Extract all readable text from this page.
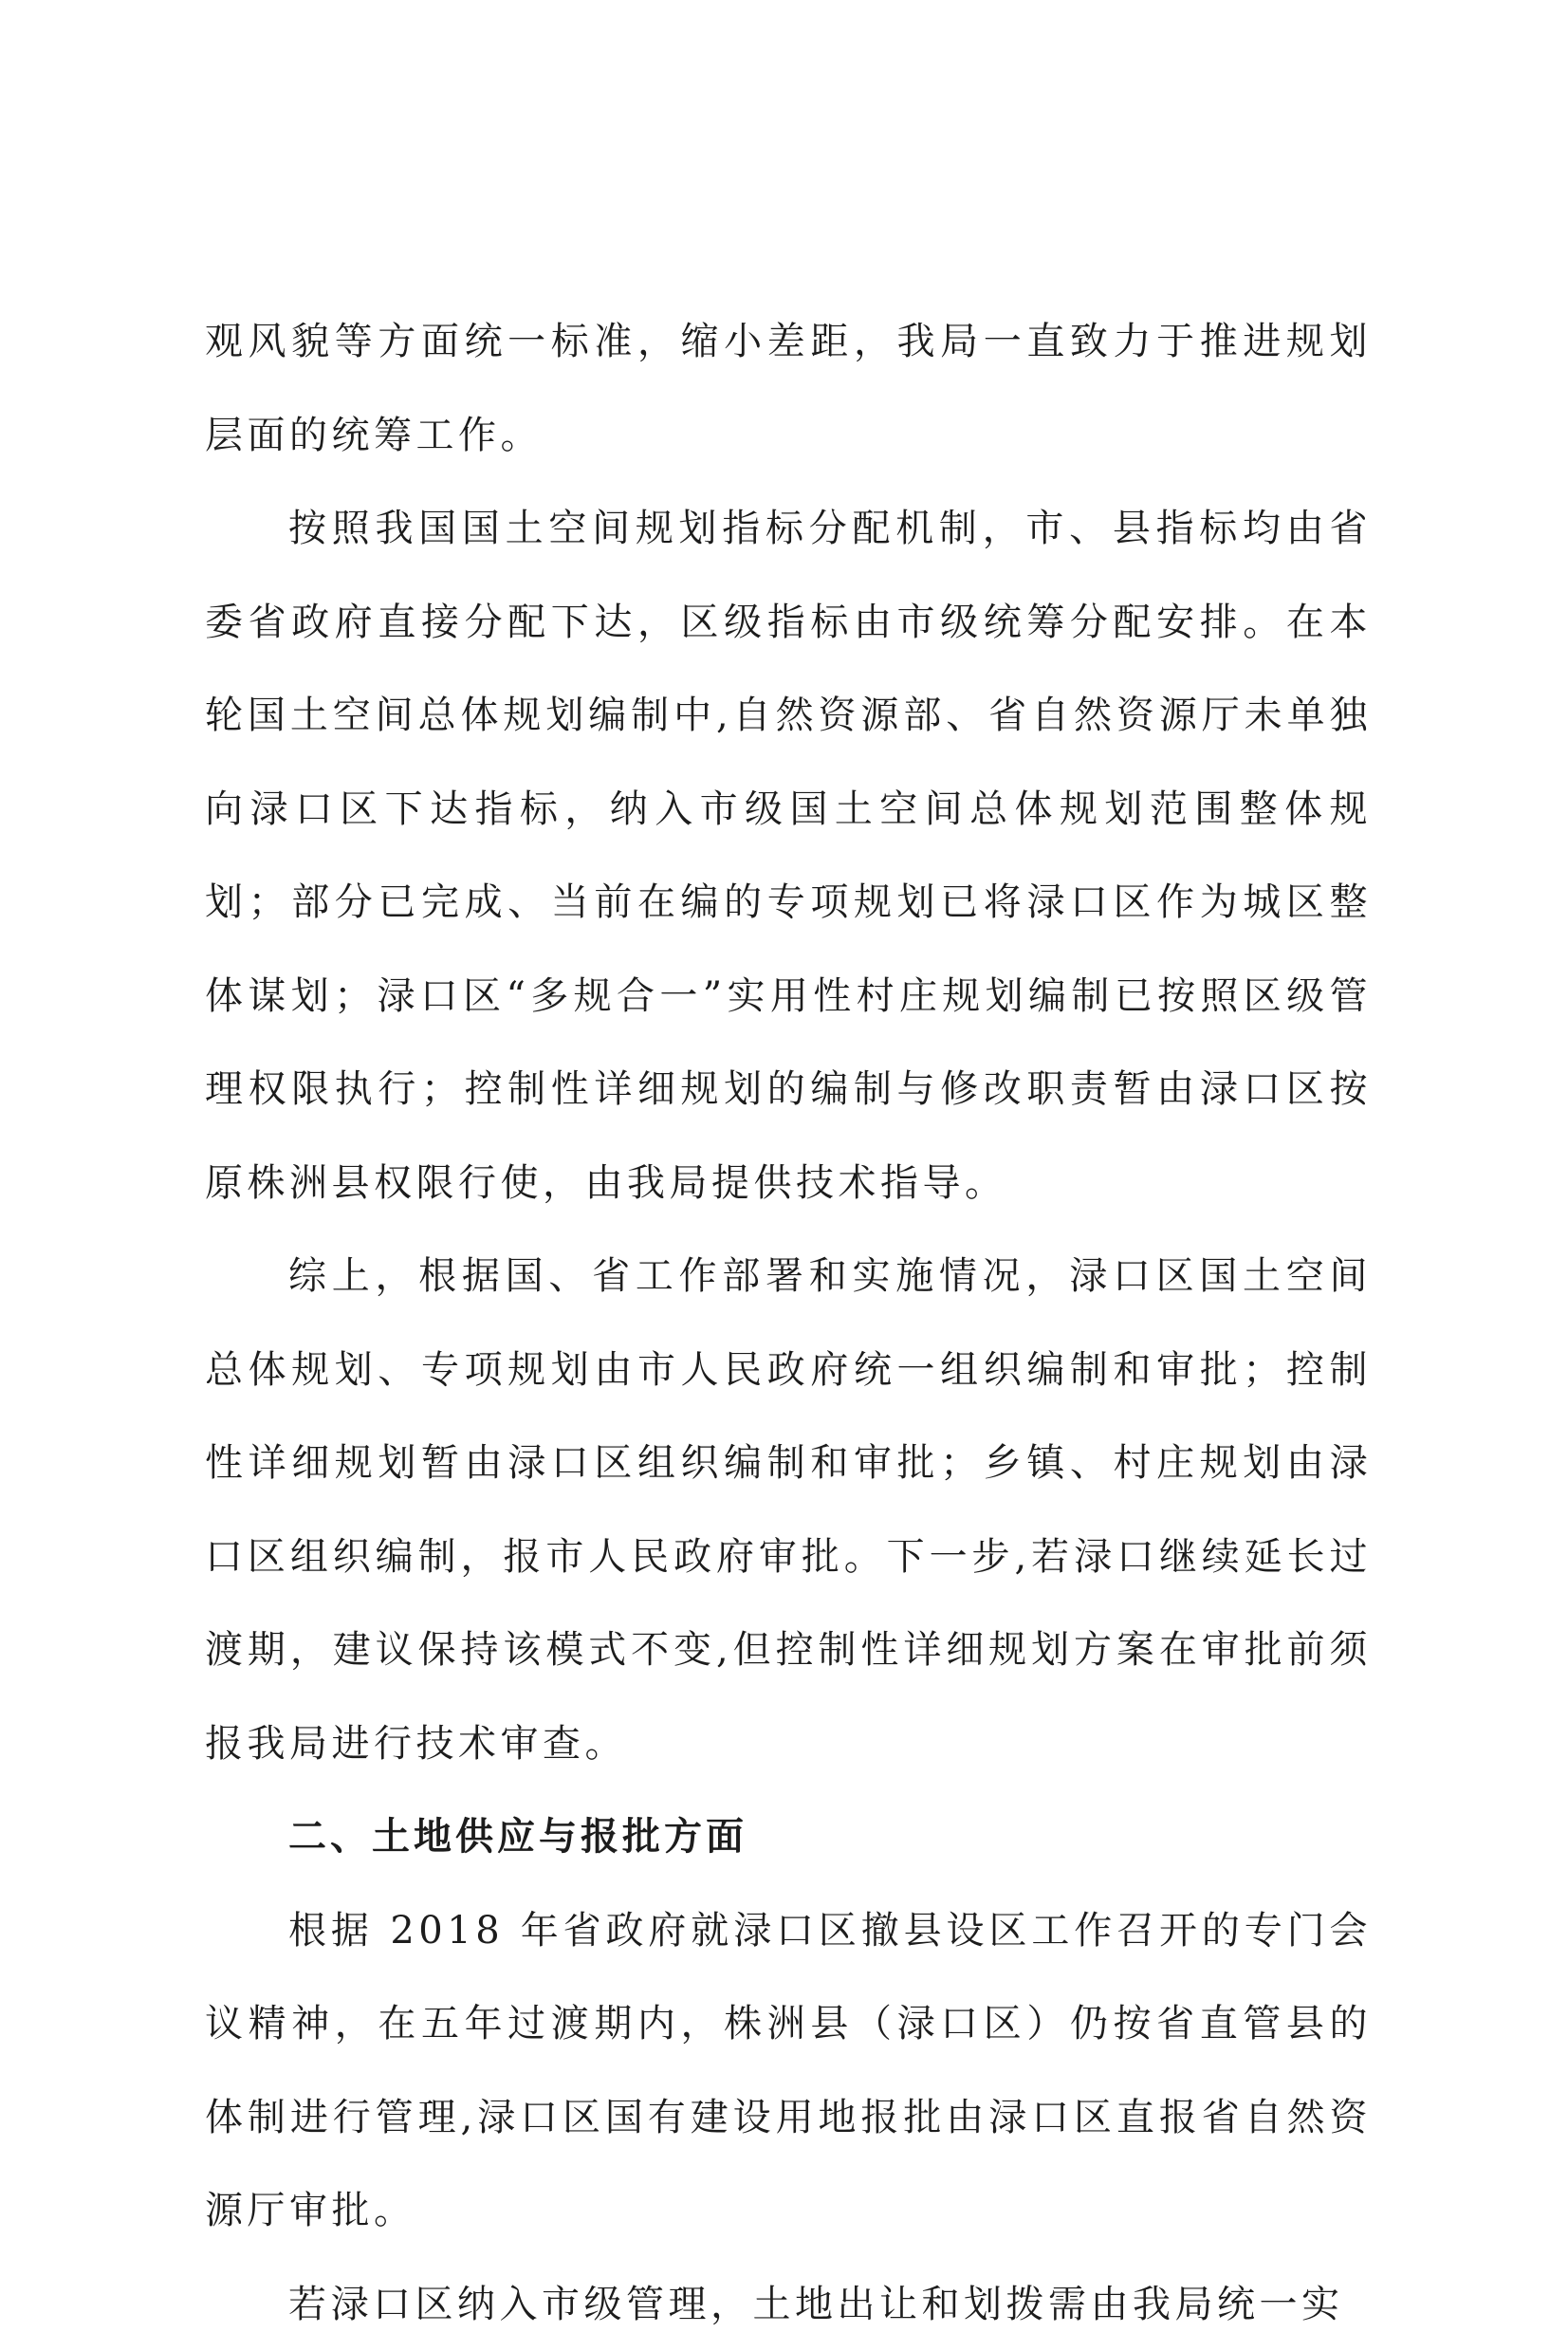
观风貌等方面统一标准，缩小差距，我局一直致力于推进规划层面的统筹工作。

按照我国国土空间规划指标分配机制，市、县指标均由省委省政府直接分配下达，区级指标由市级统筹分配安排。在本轮国土空间总体规划编制中,自然资源部、省自然资源厅未单独向渌口区下达指标，纳入市级国土空间总体规划范围整体规划；部分已完成、当前在编的专项规划已将渌口区作为城区整体谋划；渌口区“多规合一”实用性村庄规划编制已按照区级管理权限执行；控制性详细规划的编制与修改职责暂由渌口区按原株洲县权限行使，由我局提供技术指导。

综上，根据国、省工作部署和实施情况，渌口区国土空间总体规划、专项规划由市人民政府统一组织编制和审批；控制性详细规划暂由渌口区组织编制和审批；乡镇、村庄规划由渌口区组织编制，报市人民政府审批。下一步,若渌口继续延长过渡期，建议保持该模式不变,但控制性详细规划方案在审批前须报我局进行技术审查。

二、土地供应与报批方面

根据 2018 年省政府就渌口区撤县设区工作召开的专门会议精神，在五年过渡期内，株洲县（渌口区）仍按省直管县的体制进行管理,渌口区国有建设用地报批由渌口区直报省自然资源厅审批。

若渌口区纳入市级管理，土地出让和划拨需由我局统一实
